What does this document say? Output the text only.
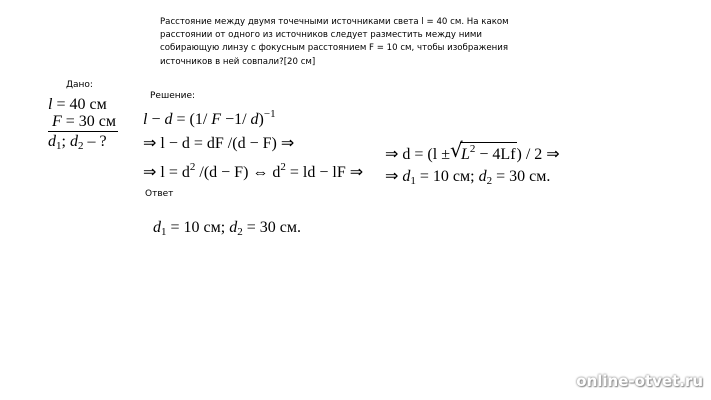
Расстояние между двумя точечными источниками света l = 40 см. На каком расстоянии от одного из источников следует разместить между ними собирающую линзу с фокусным расстоянием F = 10 см, чтобы изображения источников в ней совпали?[20 см]
Дано:
l = 40 см
F = 30 см
$d_1$; $d_2$ – ?
Решение:
l − d = (1/ F −1/ d)$^{-1}$
⇒ l − d = dF /(d − F) ⇒
⇒ $l = d^2$ /(d − F) ⇔ $d^2$ = ld − lF ⇒
⇒ d = (l ± √
$L^2 - 4Lf) / 2$ ⇒
⇒ $d_1 = 10$ см; $d_2 = 30$ см.
Ответ
$d_1 = 10$ см; $d_2 = 30$ см.
online-otvet.ru
